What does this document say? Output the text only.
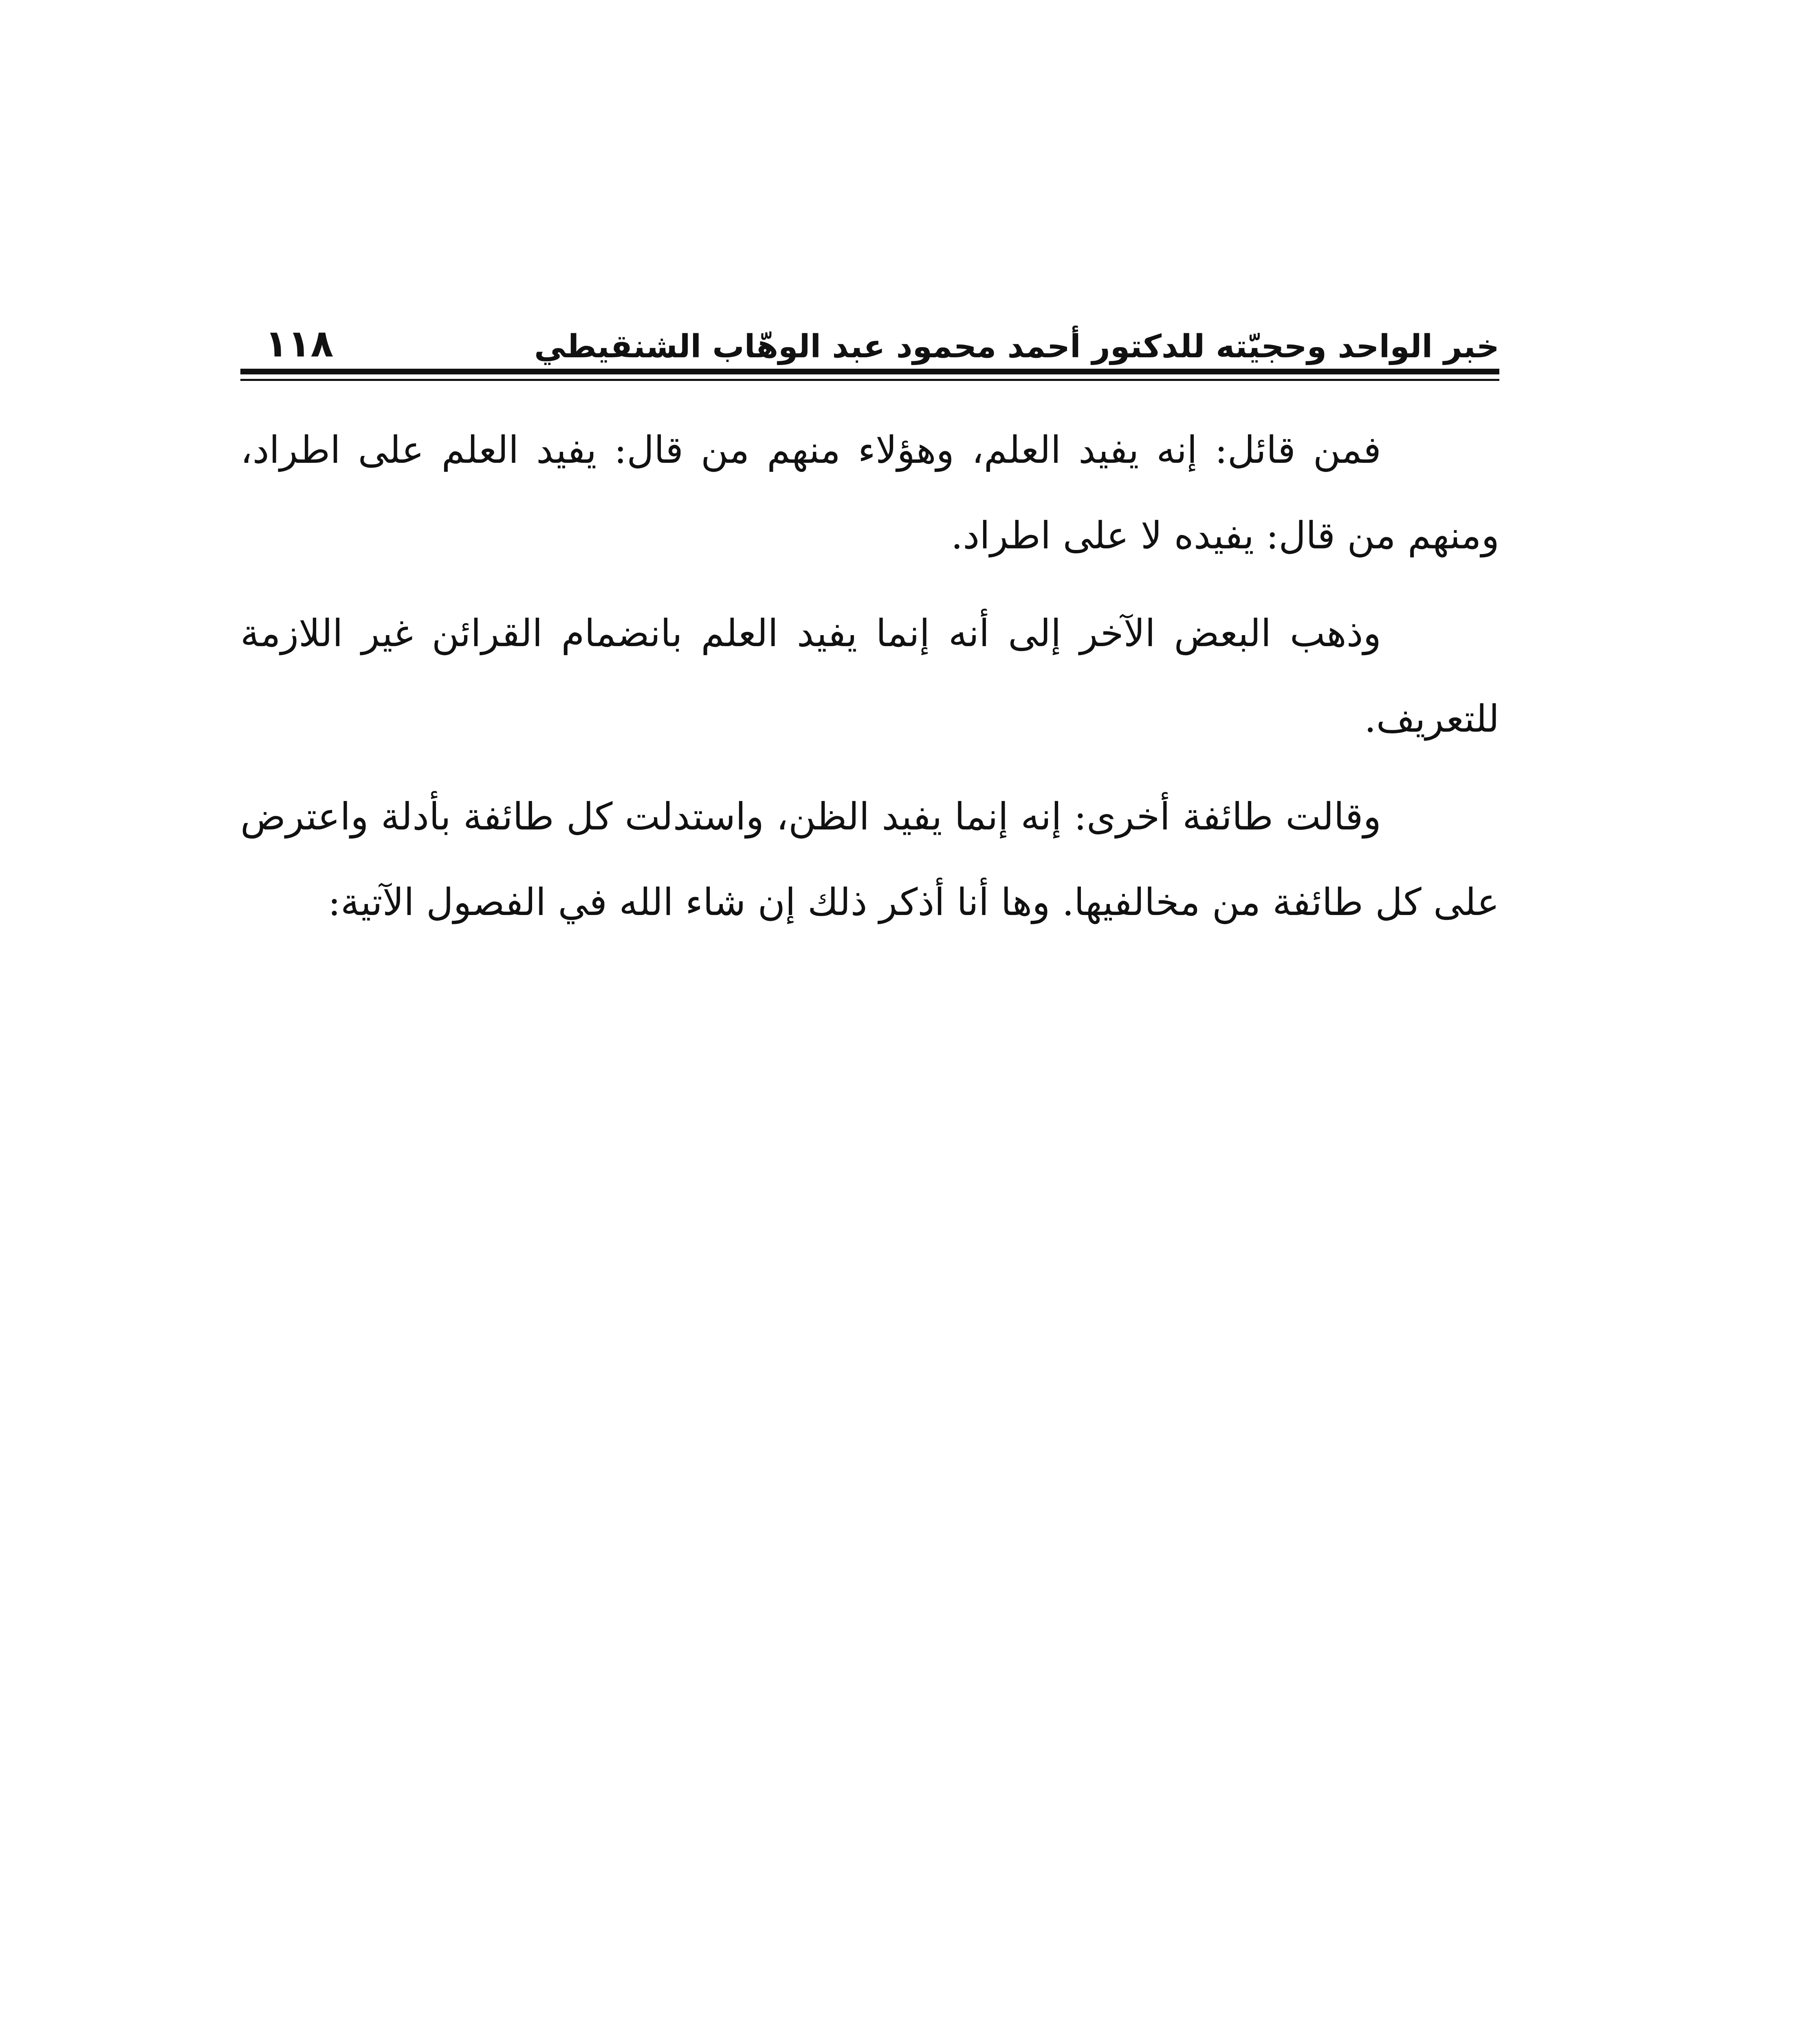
خبر الواحد وحجيّته للدكتور أحمد محمود عبد الوهّاب الشنقيطي
١١٨

فمن قائل: إنه يفيد العلم، وهؤلاء منهم من قال: يفيد العلم على اطراد، ومنهم من قال: يفيده لا على اطراد.

وذهب البعض الآخر إلى أنه إنما يفيد العلم بانضمام القرائن غير اللازمة للتعريف.

وقالت طائفة أخرى: إنه إنما يفيد الظن، واستدلت كل طائفة بأدلة واعترض على كل طائفة من مخالفيها. وها أنا أذكر ذلك إن شاء الله في الفصول الآتية:
